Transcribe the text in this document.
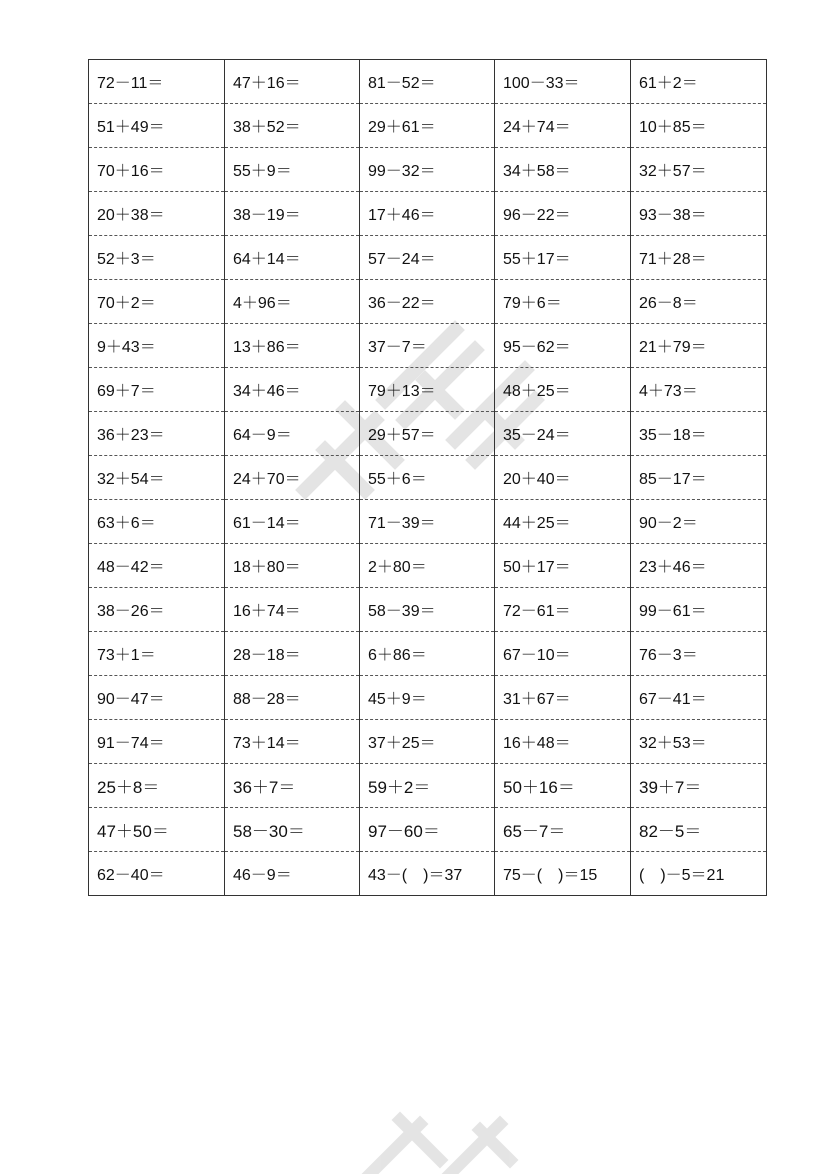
72－11＝	47＋16＝	81－52＝	100－33＝	61＋2＝
51＋49＝	38＋52＝	29＋61＝	24＋74＝	10＋85＝
70＋16＝	55＋9＝	99－32＝	34＋58＝	32＋57＝
20＋38＝	38－19＝	17＋46＝	96－22＝	93－38＝
52＋3＝	64＋14＝	57－24＝	55＋17＝	71＋28＝
70＋2＝	4＋96＝	36－22＝	79＋6＝	26－8＝
9＋43＝	13＋86＝	37－7＝	95－62＝	21＋79＝
69＋7＝	34＋46＝	79＋13＝	48＋25＝	4＋73＝
36＋23＝	64－9＝	29＋57＝	35－24＝	35－18＝
32＋54＝	24＋70＝	55＋6＝	20＋40＝	85－17＝
63＋6＝	61－14＝	71－39＝	44＋25＝	90－2＝
48－42＝	18＋80＝	2＋80＝	50＋17＝	23＋46＝
38－26＝	16＋74＝	58－39＝	72－61＝	99－61＝
73＋1＝	28－18＝	6＋86＝	67－10＝	76－3＝
90－47＝	88－28＝	45＋9＝	31＋67＝	67－41＝
91－74＝	73＋14＝	37＋25＝	16＋48＝	32＋53＝
25＋8＝	36＋7＝	59＋2＝	50＋16＝	39＋7＝
47＋50＝	58－30＝	97－60＝	65－7＝	82－5＝
62－40＝	46－9＝	43－(　)＝37	75－(　)＝15	(　)－5＝21
